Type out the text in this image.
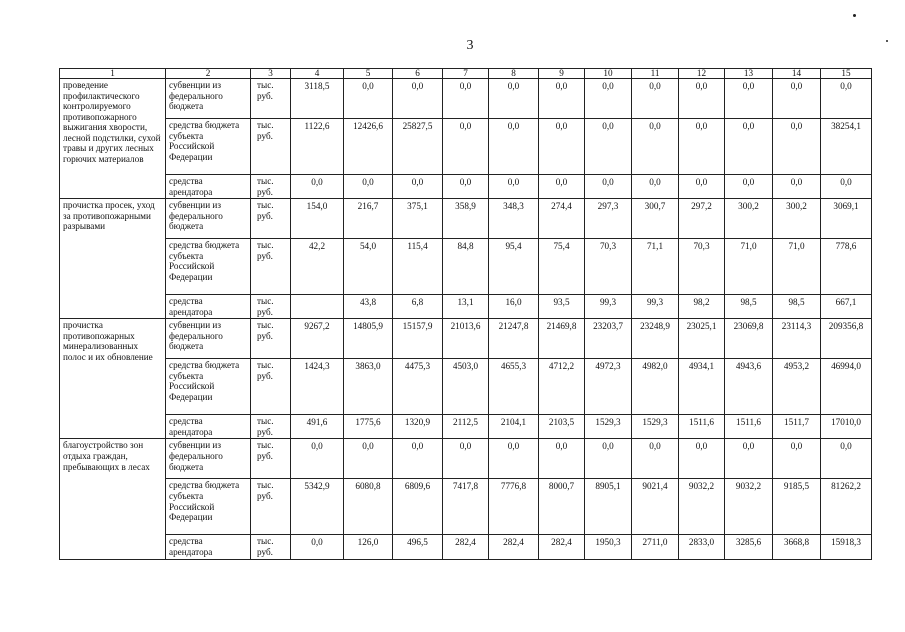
3
1	2	3	4	5	6	7	8	9	10	11	12	13	14	15
проведение профилактического контролируемого противопожарного выжигания хворости, лесной подстилки, сухой травы и других лесных горючих материалов	субвенции из федерального бюджета	тыс. руб.	3118,5	0,0	0,0	0,0	0,0	0,0	0,0	0,0	0,0	0,0	0,0	0,0
	средства бюджета субъекта Российской Федерации	тыс. руб.	1122,6	12426,6	25827,5	0,0	0,0	0,0	0,0	0,0	0,0	0,0	0,0	38254,1
	средства арендатора	тыс. руб.	0,0	0,0	0,0	0,0	0,0	0,0	0,0	0,0	0,0	0,0	0,0	0,0
прочистка просек, уход за противопожарными разрывами	субвенции из федерального бюджета	тыс. руб.	154,0	216,7	375,1	358,9	348,3	274,4	297,3	300,7	297,2	300,2	300,2	3069,1
	средства бюджета субъекта Российской Федерации	тыс. руб.	42,2	54,0	115,4	84,8	95,4	75,4	70,3	71,1	70,3	71,0	71,0	778,6
	средства арендатора	тыс. руб.		43,8	6,8	13,1	16,0	93,5	99,3	99,3	98,2	98,5	98,5	667,1
прочистка противопожарных минерализованных полос и их обновление	субвенции из федерального бюджета	тыс. руб.	9267,2	14805,9	15157,9	21013,6	21247,8	21469,8	23203,7	23248,9	23025,1	23069,8	23114,3	209356,8
	средства бюджета субъекта Российской Федерации	тыс. руб.	1424,3	3863,0	4475,3	4503,0	4655,3	4712,2	4972,3	4982,0	4934,1	4943,6	4953,2	46994,0
	средства арендатора	тыс. руб.	491,6	1775,6	1320,9	2112,5	2104,1	2103,5	1529,3	1529,3	1511,6	1511,6	1511,7	17010,0
благоустройство зон отдыха граждан, пребывающих в лесах	субвенции из федерального бюджета	тыс. руб.	0,0	0,0	0,0	0,0	0,0	0,0	0,0	0,0	0,0	0,0	0,0	0,0
	средства бюджета субъекта Российской Федерации	тыс. руб.	5342,9	6080,8	6809,6	7417,8	7776,8	8000,7	8905,1	9021,4	9032,2	9032,2	9185,5	81262,2
	средства арендатора	тыс. руб.	0,0	126,0	496,5	282,4	282,4	282,4	1950,3	2711,0	2833,0	3285,6	3668,8	15918,3
